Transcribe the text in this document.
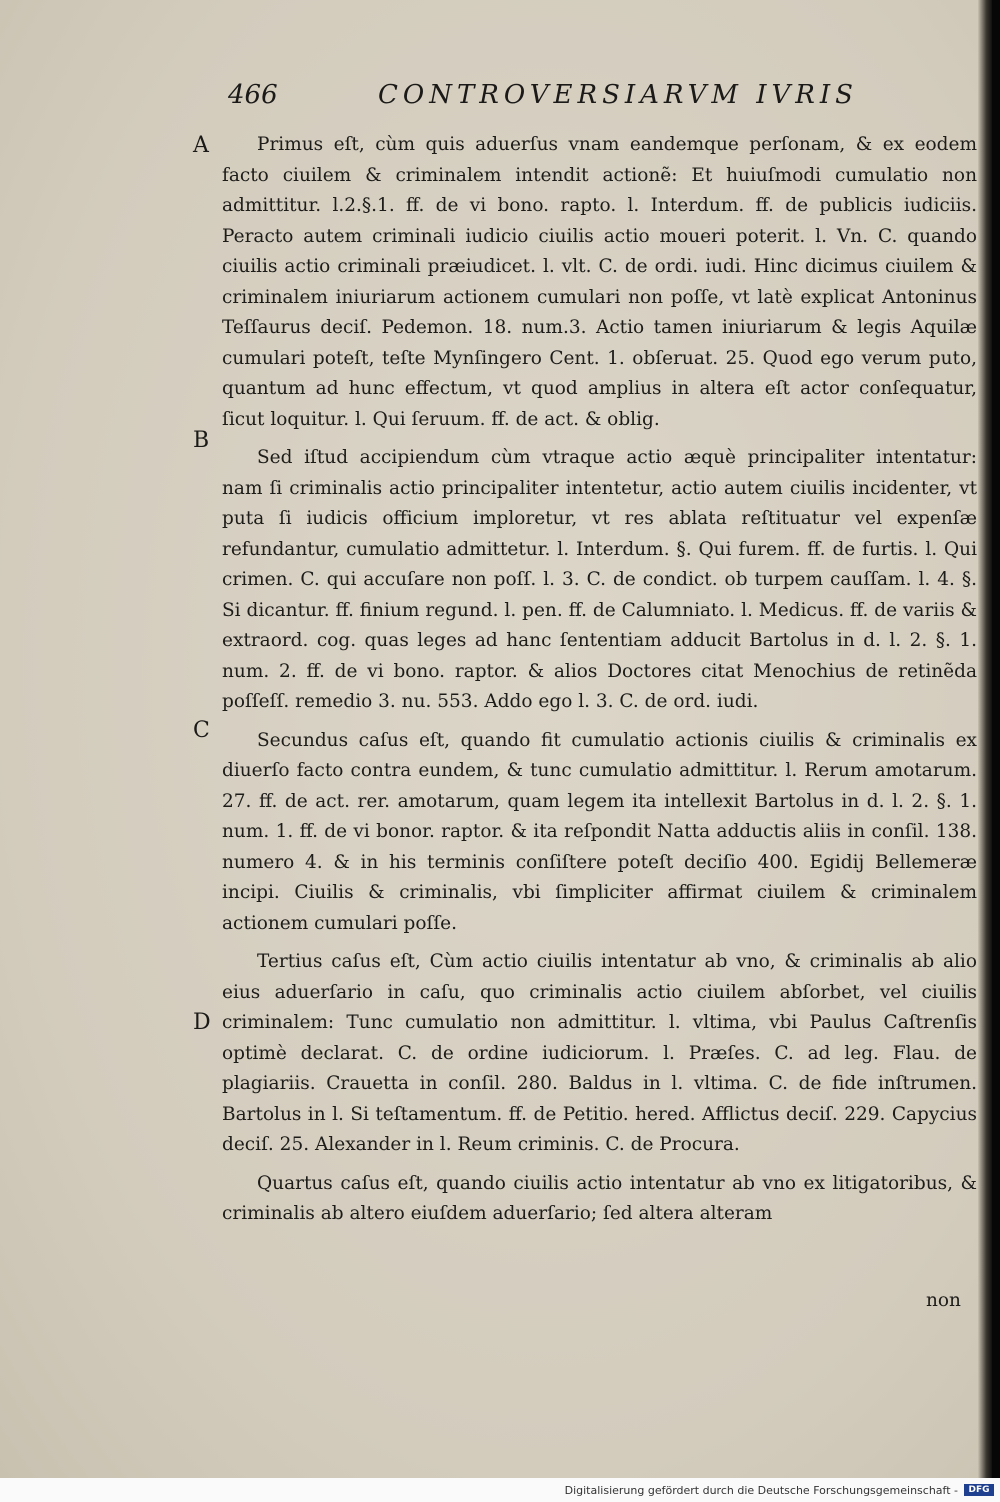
466	CONTROVERSIARVM IVRIS
A
B
C
D

Primus eſt, cùm quis aduerſus vnam eandemque perſonam, & ex eodem facto ciuilem & criminalem intendit actionẽ: Et huiuſmodi cumulatio non admittitur. l.2.§.1. ff. de vi bono. rapto. l. Interdum. ff. de publicis iudiciis. Peracto autem criminali iudicio ciuilis actio moueri poterit. l. Vn. C. quando ciuilis actio criminali præiudicet. l. vlt. C. de ordi. iudi. Hinc dicimus ciuilem & criminalem iniuriarum actionem cumulari non poſſe, vt latè explicat Antoninus Teſſaurus deciſ. Pedemon. 18. num.3. Actio tamen iniuriarum & legis Aquilæ cumulari poteſt, teſte Mynſingero Cent. 1. obſeruat. 25. Quod ego verum puto, quantum ad hunc effectum, vt quod amplius in altera eſt actor conſequatur, ſicut loquitur. l. Qui ſeruum. ff. de act. & oblig.

Sed iſtud accipiendum cùm vtraque actio æquè principaliter intentatur: nam ſi criminalis actio principaliter intentetur, actio autem ciuilis incidenter, vt puta ſi iudicis officium imploretur, vt res ablata reſtituatur vel expenſæ refundantur, cumulatio admittetur. l. Interdum. §. Qui furem. ff. de furtis. l. Qui crimen. C. qui accuſare non poſſ. l. 3. C. de condict. ob turpem cauſſam. l. 4. §. Si dicantur. ff. finium regund. l. pen. ff. de Calumniato. l. Medicus. ff. de variis & extraord. cog. quas leges ad hanc ſententiam adducit Bartolus in d. l. 2. §. 1. num. 2. ff. de vi bono. raptor. & alios Doctores citat Menochius de retinẽda poſſeſſ. remedio 3. nu. 553. Addo ego l. 3. C. de ord. iudi.

Secundus caſus eſt, quando fit cumulatio actionis ciuilis & criminalis ex diuerſo facto contra eundem, & tunc cumulatio admittitur. l. Rerum amotarum. 27. ff. de act. rer. amotarum, quam legem ita intellexit Bartolus in d. l. 2. §. 1. num. 1. ff. de vi bonor. raptor. & ita reſpondit Natta adductis aliis in conſil. 138. numero 4. & in his terminis conſiſtere poteſt deciſio 400. Egidij Bellemeræ incipi. Ciuilis & criminalis, vbi ſimpliciter affirmat ciuilem & criminalem actionem cumulari poſſe.

Tertius caſus eſt, Cùm actio ciuilis intentatur ab vno, & criminalis ab alio eius aduerſario in caſu, quo criminalis actio ciuilem abſorbet, vel ciuilis criminalem: Tunc cumulatio non admittitur. l. vltima, vbi Paulus Caſtrenſis optimè declarat. C. de ordine iudiciorum. l. Præſes. C. ad leg. Flau. de plagiariis. Crauetta in conſil. 280. Baldus in l. vltima. C. de fide inſtrumen. Bartolus in l. Si teſtamentum. ff. de Petitio. hered. Afflictus deciſ. 229. Capycius deciſ. 25. Alexander in l. Reum criminis. C. de Procura.

Quartus caſus eſt, quando ciuilis actio intentatur ab vno ex litigatoribus, & criminalis ab altero eiuſdem aduerſario; ſed altera alteram

non
Digitalisierung gefördert durch die Deutsche Forschungsgemeinschaft -	DFG
